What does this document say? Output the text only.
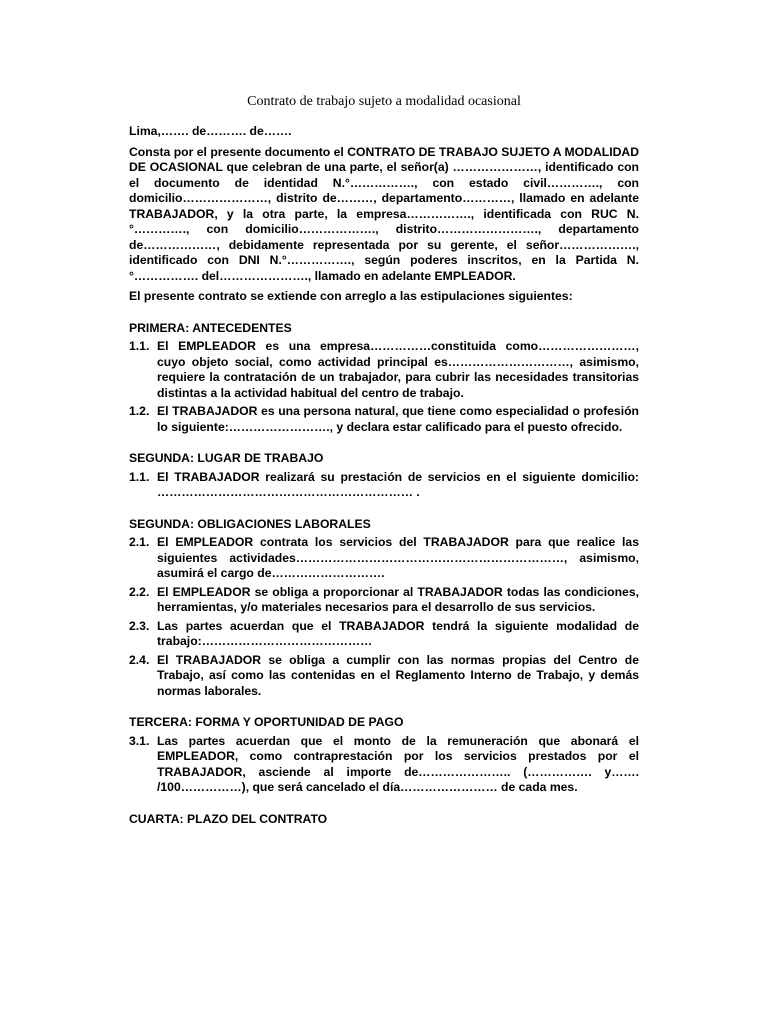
Contrato de trabajo sujeto a modalidad ocasional

Lima,……. de………. de…….

Consta por el presente documento el CONTRATO DE TRABAJO SUJETO A MODALIDAD DE OCASIONAL que celebran de una parte, el señor(a) …………………, identificado con el documento de identidad N.°……………., con estado civil…………., con domicilio…………………, distrito de………, departamento…………, llamado en adelante TRABAJADOR, y la otra parte, la empresa……………., identificada con RUC N.°…………., con domicilio………………., distrito……………………., departamento de………………, debidamente representada por su gerente, el señor………………., identificado con DNI N.°……………., según poderes inscritos, en la Partida N.°……………. del…………………., llamado en adelante EMPLEADOR.

El presente contrato se extiende con arreglo a las estipulaciones siguientes:

PRIMERA: ANTECEDENTES
1.1. El EMPLEADOR es una empresa……………constituida como……………………, cuyo objeto social, como actividad principal es…………………………, asimismo, requiere la contratación de un trabajador, para cubrir las necesidades transitorias distintas a la actividad habitual del centro de trabajo.
1.2. El TRABAJADOR es una persona natural, que tiene como especialidad o profesión lo siguiente:……………………., y declara estar calificado para el puesto ofrecido.
SEGUNDA: LUGAR DE TRABAJO
1.1. El TRABAJADOR realizará su prestación de servicios en el siguiente domicilio: ……………………………………………………… .
SEGUNDA: OBLIGACIONES LABORALES
2.1. El EMPLEADOR contrata los servicios del TRABAJADOR para que realice las siguientes actividades…………………………………………………………, asimismo, asumirá el cargo de……………………….
2.2. El EMPLEADOR se obliga a proporcionar al TRABAJADOR todas las condiciones, herramientas, y/o materiales necesarios para el desarrollo de sus servicios.
2.3. Las partes acuerdan que el TRABAJADOR tendrá la siguiente modalidad de trabajo:……………………………………
2.4. El TRABAJADOR se obliga a cumplir con las normas propias del Centro de Trabajo, así como las contenidas en el Reglamento Interno de Trabajo, y demás normas laborales.
TERCERA: FORMA Y OPORTUNIDAD DE PAGO
3.1. Las partes acuerdan que el monto de la remuneración que abonará el EMPLEADOR, como contraprestación por los servicios prestados por el TRABAJADOR, asciende al importe de………………….. (……………. y……. /100……………), que será cancelado el día…………………… de cada mes.
CUARTA: PLAZO DEL CONTRATO
